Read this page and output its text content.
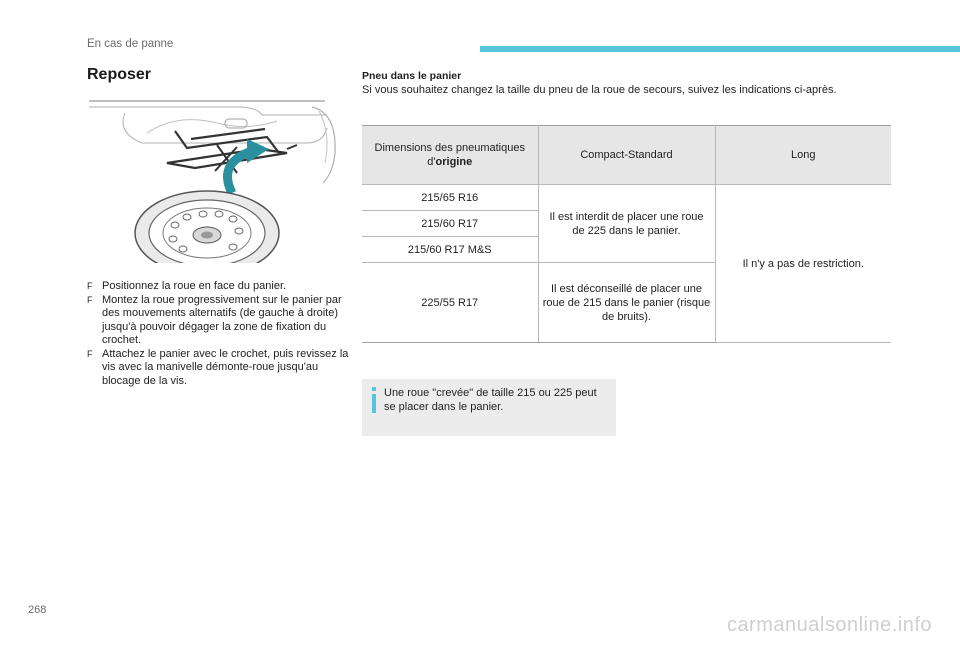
En cas de panne
Reposer
F Positionnez la roue en face du panier.
F Montez la roue progressivement sur le panier par des mouvements alternatifs (de gauche à droite) jusqu'à pouvoir dégager la zone de fixation du crochet.
F Attachez le panier avec le crochet, puis revissez la vis avec la manivelle démonte-roue jusqu'au blocage de la vis.
Pneu dans le panier
Si vous souhaitez changez la taille du pneu de la roue de secours, suivez les indications ci-après.
Dimensions des pneumatiques d'origine	Compact-Standard	Long
215/65 R16	Il est interdit de placer une roue de 225 dans le panier.	Il n'y a pas de restriction.
215/60 R17		
215/60 R17 M&S		
225/55 R17	Il est déconseillé de placer une roue de 215 dans le panier (risque de bruits).	
Une roue "crevée" de taille 215 ou 225 peut se placer dans le panier.
268
carmanualsonline.info
